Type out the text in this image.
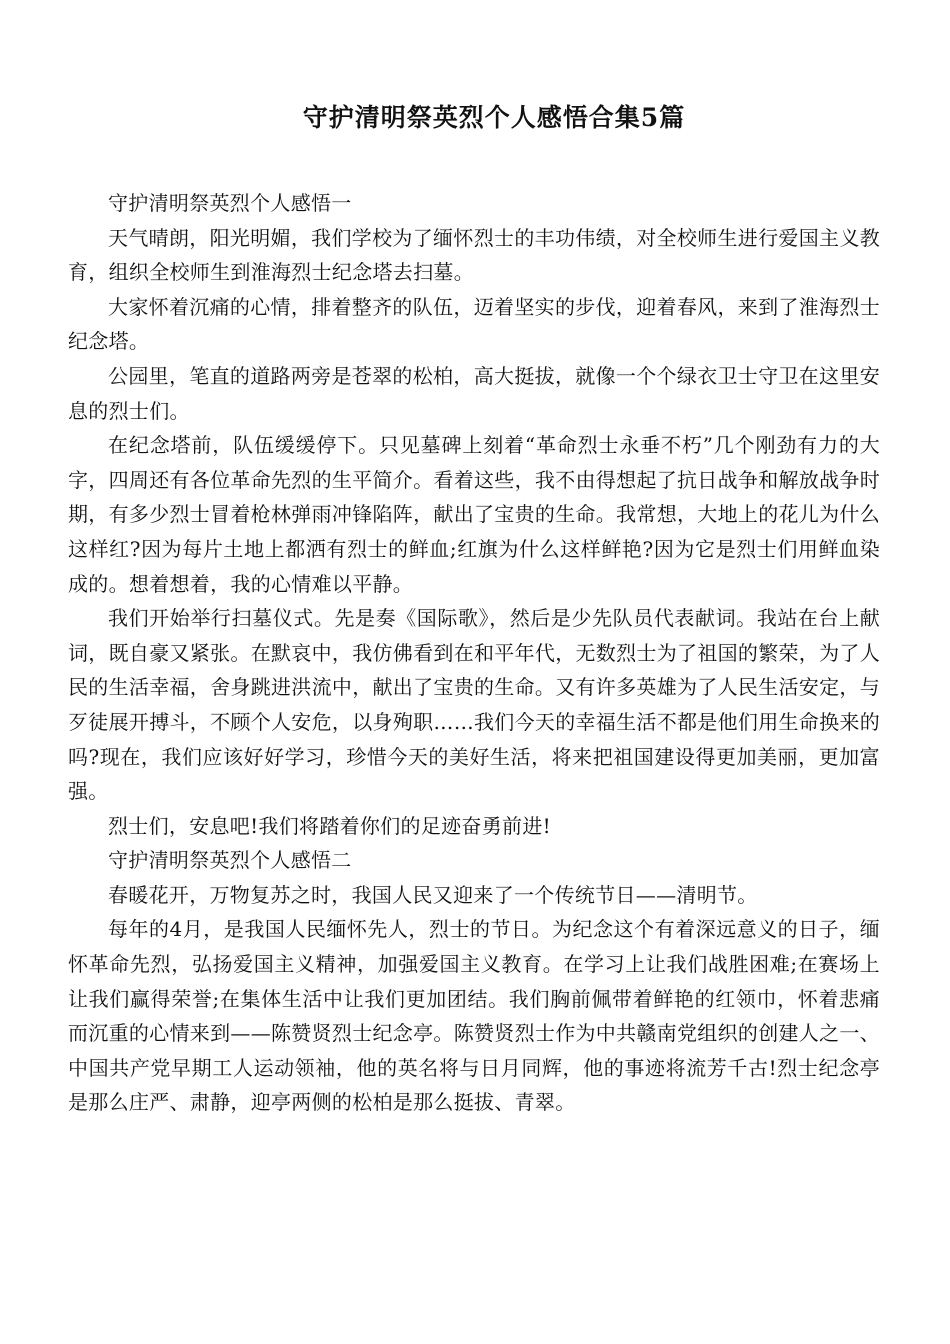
守护清明祭英烈个人感悟合集5篇

守护清明祭英烈个人感悟一

天气晴朗，阳光明媚，我们学校为了缅怀烈士的丰功伟绩，对全校师生进行爱国主义教育，组织全校师生到淮海烈士纪念塔去扫墓。

大家怀着沉痛的心情，排着整齐的队伍，迈着坚实的步伐，迎着春风，来到了淮海烈士纪念塔。

公园里，笔直的道路两旁是苍翠的松柏，高大挺拔，就像一个个绿衣卫士守卫在这里安息的烈士们。

在纪念塔前，队伍缓缓停下。只见墓碑上刻着“革命烈士永垂不朽”几个刚劲有力的大字，四周还有各位革命先烈的生平简介。看着这些，我不由得想起了抗日战争和解放战争时期，有多少烈士冒着枪林弹雨冲锋陷阵，献出了宝贵的生命。我常想，大地上的花儿为什么这样红?因为每片土地上都洒有烈士的鲜血;红旗为什么这样鲜艳?因为它是烈士们用鲜血染成的。想着想着，我的心情难以平静。

我们开始举行扫墓仪式。先是奏《国际歌》，然后是少先队员代表献词。我站在台上献词，既自豪又紧张。在默哀中，我仿佛看到在和平年代，无数烈士为了祖国的繁荣，为了人民的生活幸福，舍身跳进洪流中，献出了宝贵的生命。又有许多英雄为了人民生活安定，与歹徒展开搏斗，不顾个人安危，以身殉职……我们今天的幸福生活不都是他们用生命换来的吗?现在，我们应该好好学习，珍惜今天的美好生活，将来把祖国建设得更加美丽，更加富强。

烈士们，安息吧!我们将踏着你们的足迹奋勇前进!

守护清明祭英烈个人感悟二

春暖花开，万物复苏之时，我国人民又迎来了一个传统节日——清明节。

每年的4月，是我国人民缅怀先人，烈士的节日。为纪念这个有着深远意义的日子，缅怀革命先烈，弘扬爱国主义精神，加强爱国主义教育。在学习上让我们战胜困难;在赛场上让我们赢得荣誉;在集体生活中让我们更加团结。我们胸前佩带着鲜艳的红领巾，怀着悲痛而沉重的心情来到——陈赞贤烈士纪念亭。陈赞贤烈士作为中共赣南党组织的创建人之一、中国共产党早期工人运动领袖，他的英名将与日月同辉，他的事迹将流芳千古!烈士纪念亭是那么庄严、肃静，迎亭两侧的松柏是那么挺拔、青翠。
